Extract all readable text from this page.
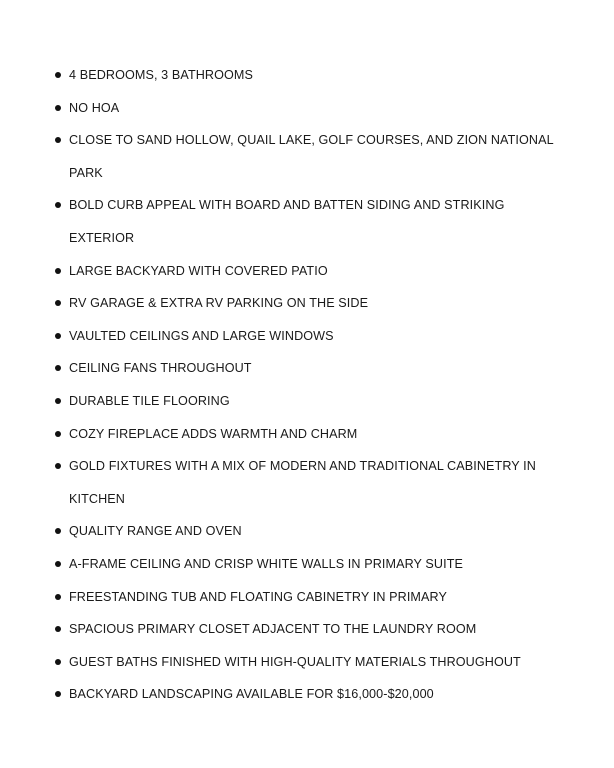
4 BEDROOMS, 3 BATHROOMS
NO HOA
CLOSE TO SAND HOLLOW, QUAIL LAKE, GOLF COURSES, AND ZION NATIONAL PARK
BOLD CURB APPEAL WITH BOARD AND BATTEN SIDING AND STRIKING EXTERIOR
LARGE BACKYARD WITH COVERED PATIO
RV GARAGE & EXTRA RV PARKING ON THE SIDE
VAULTED CEILINGS AND LARGE WINDOWS
CEILING FANS THROUGHOUT
DURABLE TILE FLOORING
COZY FIREPLACE ADDS WARMTH AND CHARM
GOLD FIXTURES WITH A MIX OF MODERN AND TRADITIONAL CABINETRY IN KITCHEN
QUALITY RANGE AND OVEN
A-FRAME CEILING AND CRISP WHITE WALLS IN PRIMARY SUITE
FREESTANDING TUB AND FLOATING CABINETRY IN PRIMARY
SPACIOUS PRIMARY CLOSET ADJACENT TO THE LAUNDRY ROOM
GUEST BATHS FINISHED WITH HIGH-QUALITY MATERIALS THROUGHOUT
BACKYARD LANDSCAPING AVAILABLE FOR $16,000-$20,000
